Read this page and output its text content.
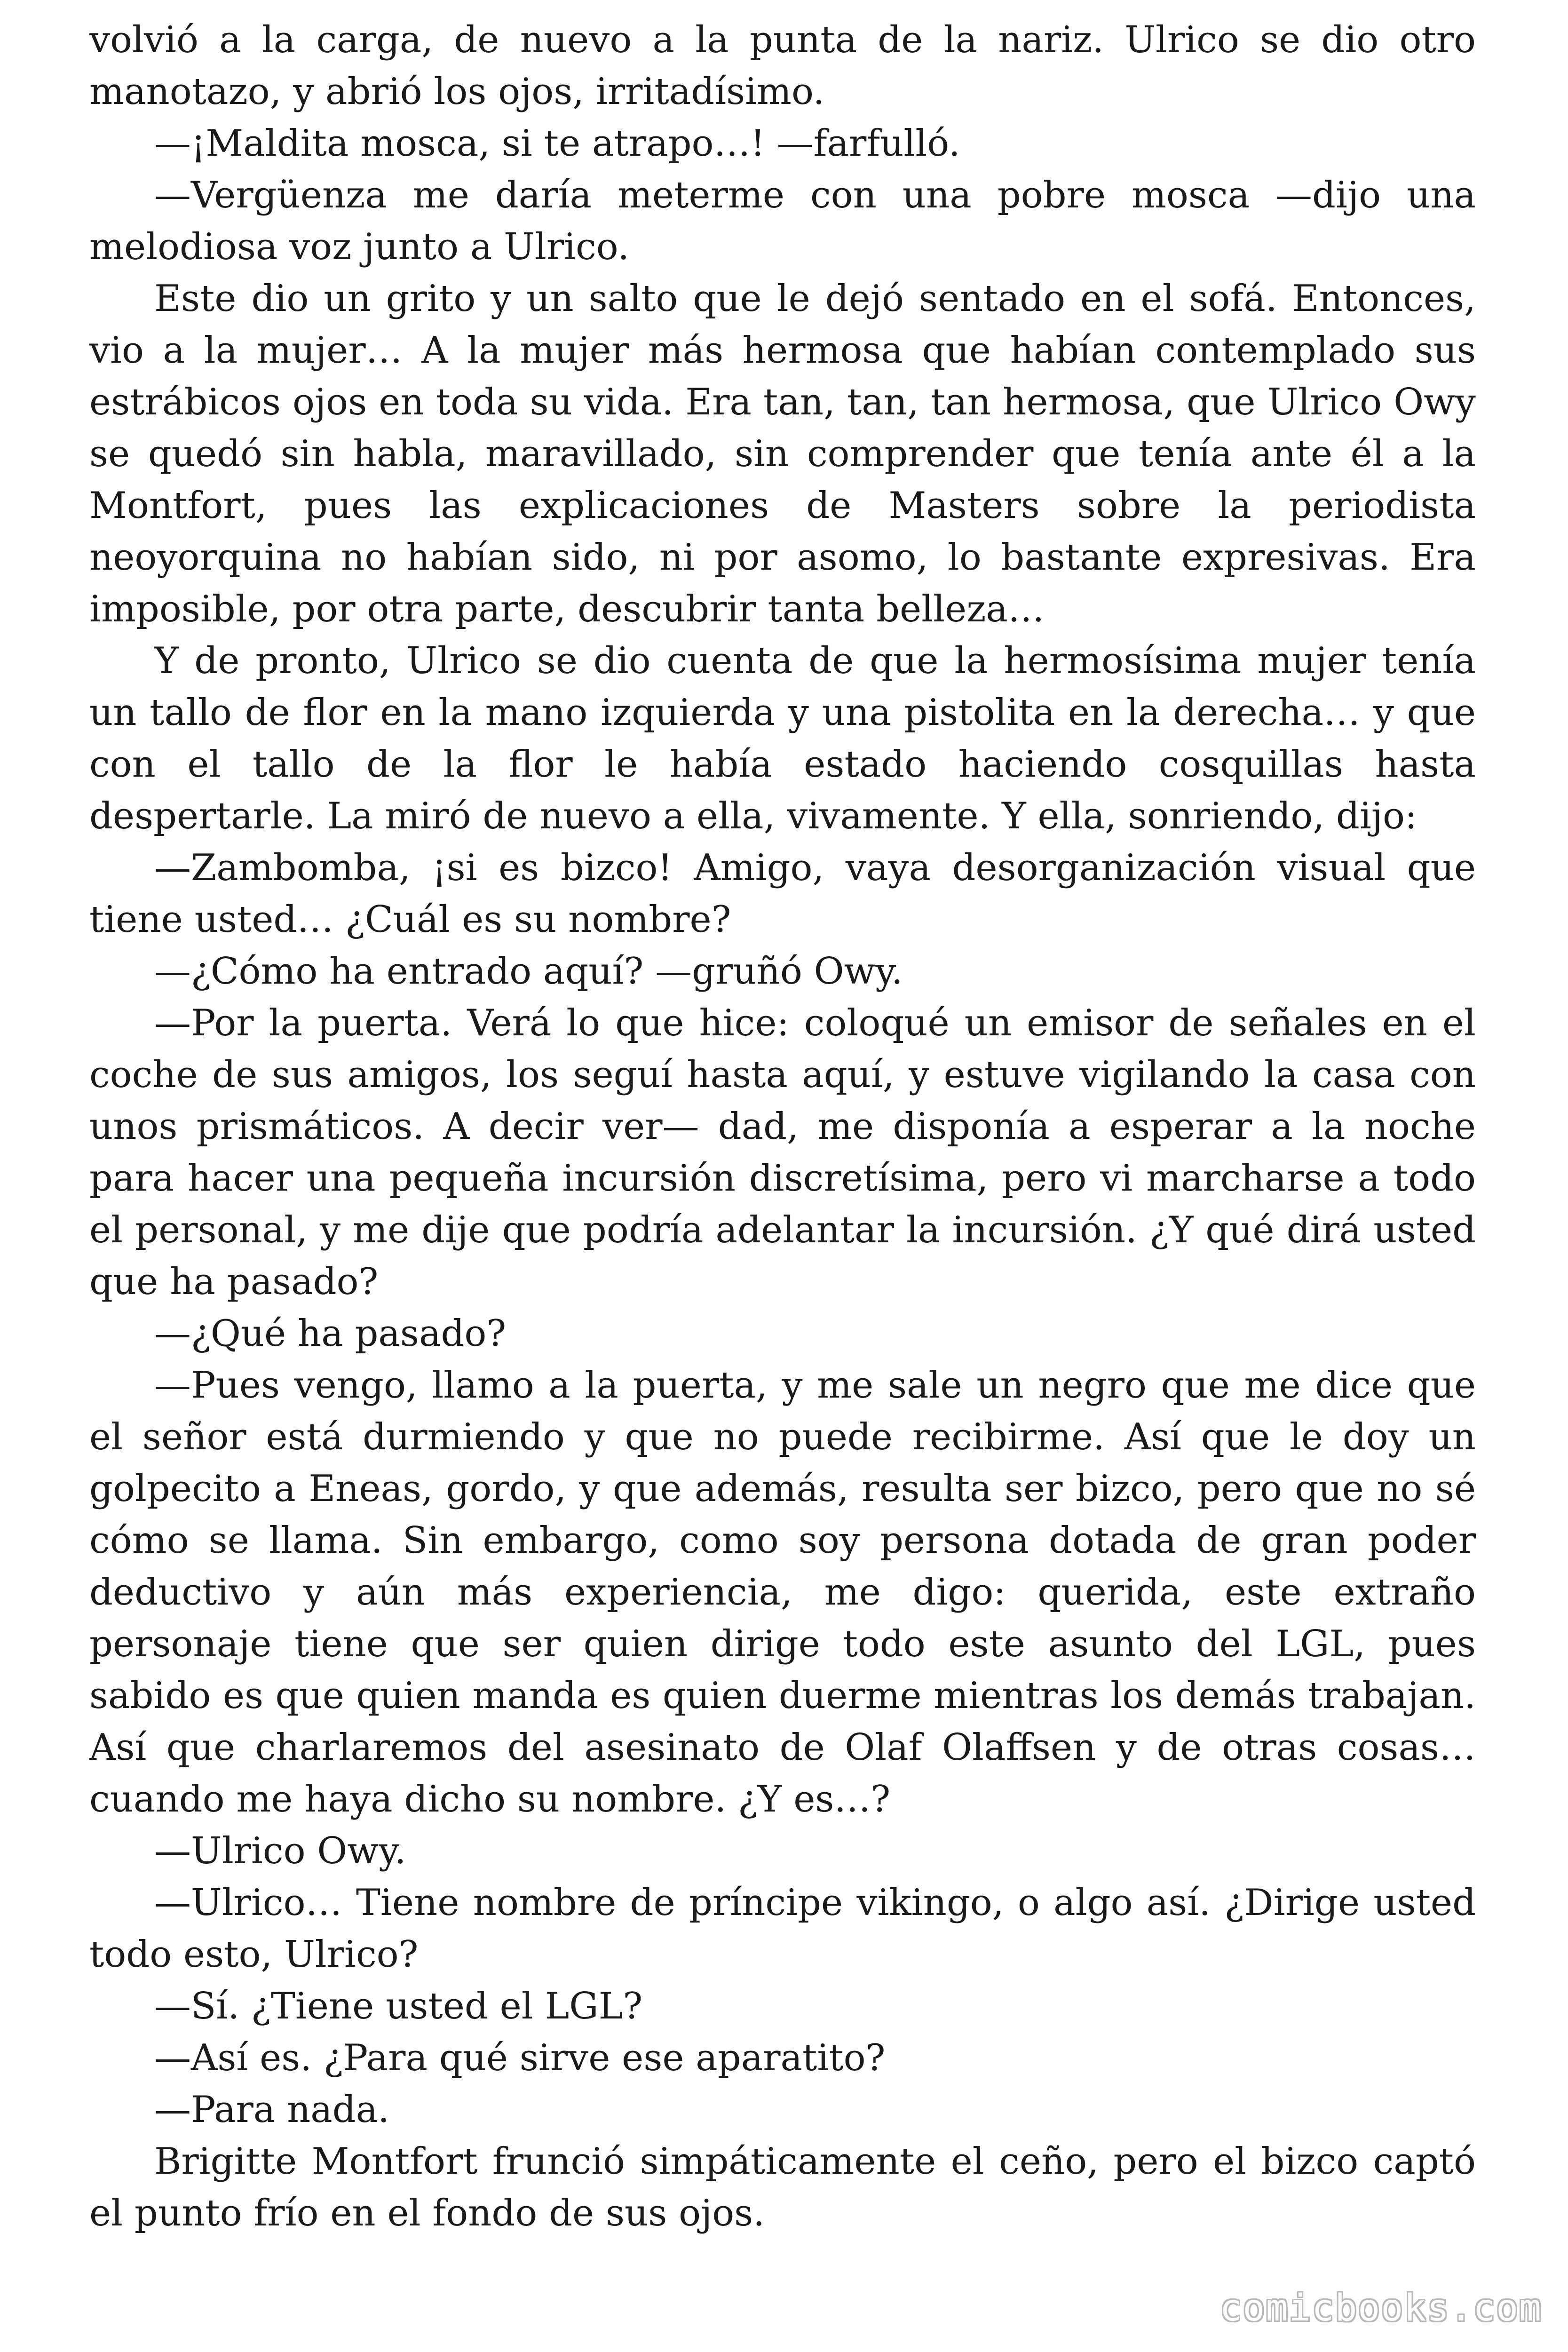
volvió a la carga, de nuevo a la punta de la nariz. Ulrico se dio otro manotazo, y abrió los ojos, irritadísimo.

—¡Maldita mosca, si te atrapo…! —farfulló.

—Vergüenza me daría meterme con una pobre mosca —dijo una melodiosa voz junto a Ulrico.

Este dio un grito y un salto que le dejó sentado en el sofá. Entonces, vio a la mujer… A la mujer más hermosa que habían contemplado sus estrábicos ojos en toda su vida. Era tan, tan, tan hermosa, que Ulrico Owy se quedó sin habla, maravillado, sin comprender que tenía ante él a la Montfort, pues las explicaciones de Masters sobre la periodista neoyorquina no habían sido, ni por asomo, lo bastante expresivas. Era imposible, por otra parte, descubrir tanta belleza…

Y de pronto, Ulrico se dio cuenta de que la hermosísima mujer tenía un tallo de flor en la mano izquierda y una pistolita en la derecha… y que con el tallo de la flor le había estado haciendo cosquillas hasta despertarle. La miró de nuevo a ella, vivamente. Y ella, sonriendo, dijo:

—Zambomba, ¡si es bizco! Amigo, vaya desorganización visual que tiene usted… ¿Cuál es su nombre?

—¿Cómo ha entrado aquí? —gruñó Owy.

—Por la puerta. Verá lo que hice: coloqué un emisor de señales en el coche de sus amigos, los seguí hasta aquí, y estuve vigilando la casa con unos prismáticos. A decir ver— dad, me disponía a esperar a la noche para hacer una pequeña incursión discretísima, pero vi marcharse a todo el personal, y me dije que podría adelantar la incursión. ¿Y qué dirá usted que ha pasado?

—¿Qué ha pasado?

—Pues vengo, llamo a la puerta, y me sale un negro que me dice que el señor está durmiendo y que no puede recibirme. Así que le doy un golpecito a Eneas, gordo, y que además, resulta ser bizco, pero que no sé cómo se llama. Sin embargo, como soy persona dotada de gran poder deductivo y aún más experiencia, me digo: querida, este extraño personaje tiene que ser quien dirige todo este asunto del LGL, pues sabido es que quien manda es quien duerme mientras los demás trabajan. Así que charlaremos del asesinato de Olaf Olaffsen y de otras cosas… cuando me haya dicho su nombre. ¿Y es…?

—Ulrico Owy.

—Ulrico… Tiene nombre de príncipe vikingo, o algo así. ¿Dirige usted todo esto, Ulrico?

—Sí. ¿Tiene usted el LGL?

—Así es. ¿Para qué sirve ese aparatito?

—Para nada.

Brigitte Montfort frunció simpáticamente el ceño, pero el bizco captó el punto frío en el fondo de sus ojos.

comicbooks.com
